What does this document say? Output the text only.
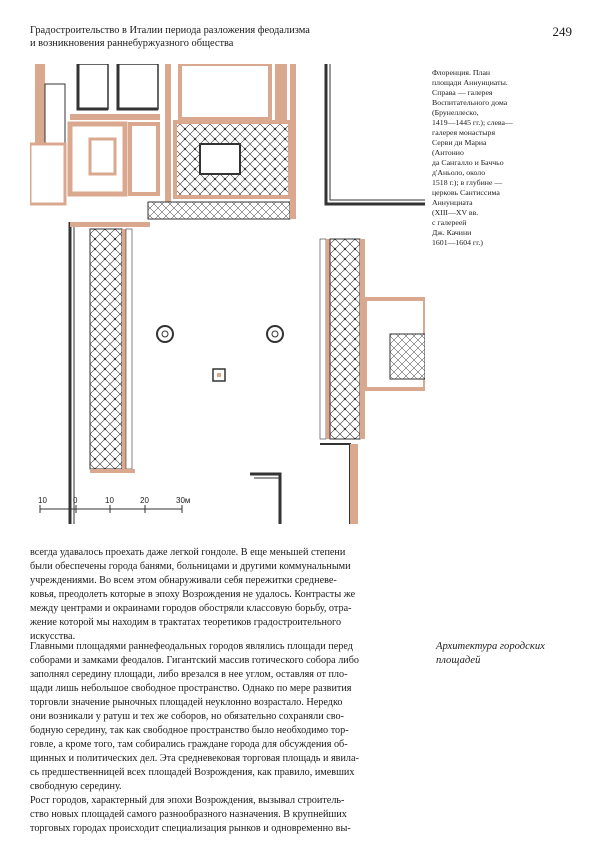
Градостроительство в Италии периода разложения феодализма
и возникновения раннебуржуазного общества
249
10	0	10	20	30м
Флоренция. План
площади Аннунциаты.
Справа — галерея
Воспитательного дома
(Брунеллеско,
1419—1445 гг.); слева—
галерея монастыря
Серви ди Мариа
(Антонио
да Сангалло и Баччьо
д'Аньоло, около
1518 г.); в глубине —
церковь Сантиссима
Аннунциата
(XIII—XV вв.
с галереей
Дж. Качини
1601—1604 гг.)
всегда удавалось проехать даже легкой гондоле. В еще меньшей степени
были обеспечены города банями, больницами и другими коммунальными
учреждениями. Во всем этом обнаруживали себя пережитки средневе-
ковья, преодолеть которые в эпоху Возрождения не удалось. Контрасты же
между центрами и окраинами городов обостряли классовую борьбу, отра-
жение которой мы находим в трактатах теоретиков градостроительного
искусства.
Главными площадями раннефеодальных городов являлись площади перед
соборами и замками феодалов. Гигантский массив готического собора либо
заполнял середину площади, либо врезался в нее углом, оставляя от пло-
щади лишь небольшое свободное пространство. Однако по мере развития
торговли значение рыночных площадей неуклонно возрастало. Нередко
они возникали у ратуш и тех же соборов, но обязательно сохраняли сво-
бодную середину, так как свободное пространство было необходимо тор-
говле, а кроме того, там собирались граждане города для обсуждения об-
щинных и политических дел. Эта средневековая торговая площадь и явила-
сь предшественницей всех площадей Возрождения, как правило, имевших
свободную середину.
Рост городов, характерный для эпохи Возрождения, вызывал строитель-
ство новых площадей самого разнообразного назначения. В крупнейших
торговых городах происходит специализация рынков и одновременно вы-
Архитектура городских
площадей
